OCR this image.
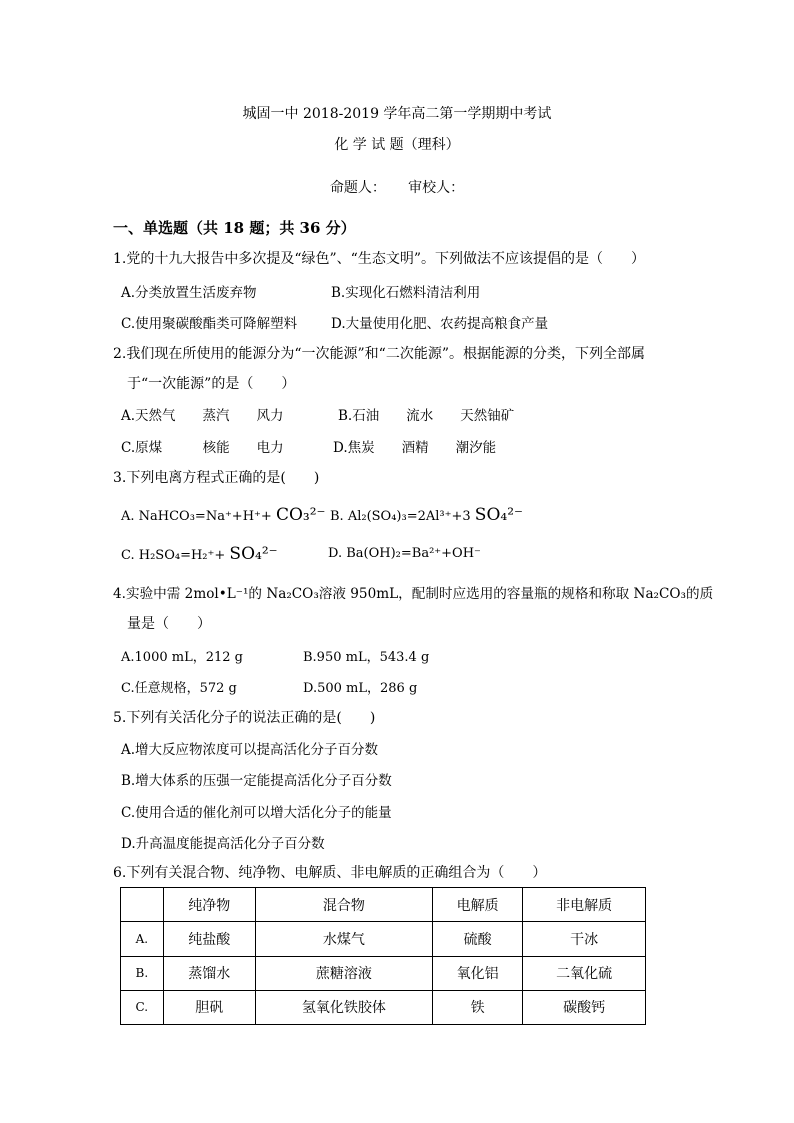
城固一中 2018-2019 学年高二第一学期期中考试
化 学 试 题（理科）
命题人：     审校人：
一、单选题（共 18 题；共 36 分）
1.党的十九大报告中多次提及“绿色”、“生态文明”。下列做法不应该提倡的是（　　）
A.分类放置生活废弃物	B.实现化石燃料清洁利用
C.使用聚碳酸酯类可降解塑料	D.大量使用化肥、农药提高粮食产量
2.我们现在所使用的能源分为“一次能源”和“二次能源”。根据能源的分类，下列全部属
于“一次能源”的是（　　）
A.天然气　　蒸汽　　风力	B.石油　　流水　　天然铀矿
C.原煤　　　核能　　电力	D.焦炭　　酒精　　潮汐能
3.下列电离方程式正确的是(　　)
A. NaHCO₃=Na⁺+H⁺+ CO₃²⁻ B. Al₂(SO₄)₃=2Al³⁺+3 SO₄²⁻
C. H₂SO₄=H₂⁺+ SO₄²⁻	D. Ba(OH)₂=Ba²⁺+OH⁻
4.实验中需 2mol•L⁻¹的 Na₂CO₃溶液 950mL，配制时应选用的容量瓶的规格和称取 Na₂CO₃的质
量是（　　）
A.1000 mL，212 g	B.950 mL，543.4 g
C.任意规格，572 g	D.500 mL，286 g
5.下列有关活化分子的说法正确的是(　　)
A.增大反应物浓度可以提高活化分子百分数
B.增大体系的压强一定能提高活化分子百分数
C.使用合适的催化剂可以增大活化分子的能量
D.升高温度能提高活化分子百分数
6.下列有关混合物、纯净物、电解质、非电解质的正确组合为（　　）
	纯净物	混合物	电解质	非电解质
A.	纯盐酸	水煤气	硫酸	干冰
B.	蒸馏水	蔗糖溶液	氧化铝	二氧化硫
C.	胆矾	氢氧化铁胶体	铁	碳酸钙
